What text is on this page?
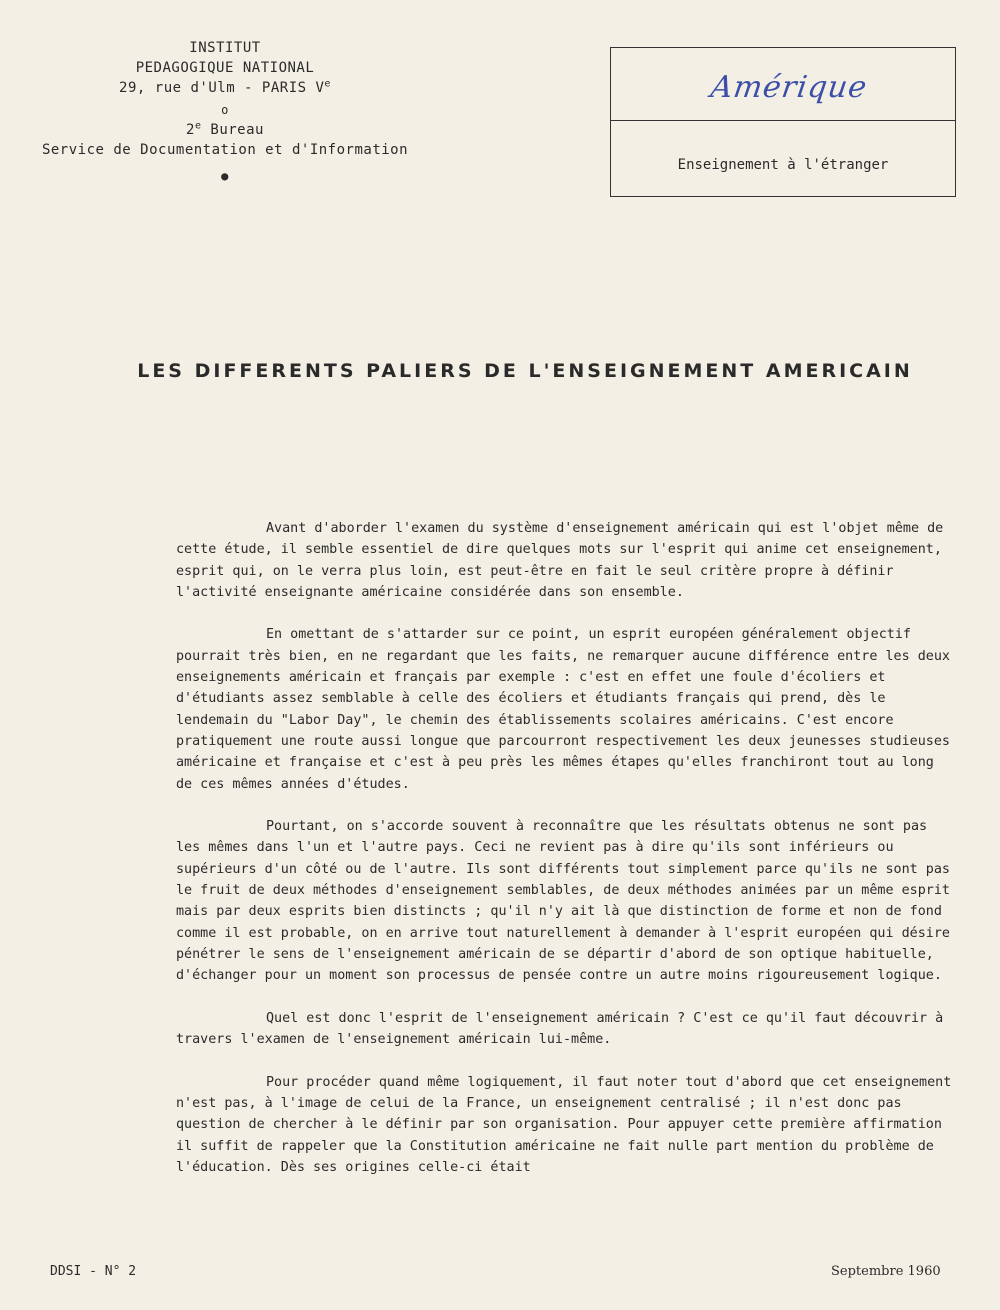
INSTITUT
PEDAGOGIQUE NATIONAL
29, rue d'Ulm - PARIS Ve
o
2e Bureau
Service de Documentation et d'Information
●
Amérique
Enseignement à l'étranger
LES DIFFERENTS PALIERS DE L'ENSEIGNEMENT AMERICAIN

Avant d'aborder l'examen du système d'enseignement américain qui est l'objet même de cette étude, il semble essentiel de dire quelques mots sur l'esprit qui anime cet enseignement, esprit qui, on le verra plus loin, est peut-être en fait le seul critère propre à définir l'activité enseignante américaine considérée dans son ensemble.

En omettant de s'attarder sur ce point, un esprit européen généralement objectif pourrait très bien, en ne regardant que les faits, ne remarquer aucune différence entre les deux enseignements américain et français par exemple : c'est en effet une foule d'écoliers et d'étudiants assez semblable à celle des écoliers et étudiants français qui prend, dès le lendemain du "Labor Day", le chemin des établissements scolaires américains. C'est encore pratiquement une route aussi longue que parcourront respectivement les deux jeunesses studieuses américaine et française et c'est à peu près les mêmes étapes qu'elles franchiront tout au long de ces mêmes années d'études.

Pourtant, on s'accorde souvent à reconnaître que les résultats obtenus ne sont pas les mêmes dans l'un et l'autre pays. Ceci ne revient pas à dire qu'ils sont inférieurs ou supérieurs d'un côté ou de l'autre. Ils sont différents tout simplement parce qu'ils ne sont pas le fruit de deux méthodes d'enseignement semblables, de deux méthodes animées par un même esprit mais par deux esprits bien distincts ; qu'il n'y ait là que distinction de forme et non de fond comme il est probable, on en arrive tout naturellement à demander à l'esprit européen qui désire pénétrer le sens de l'enseignement américain de se départir d'abord de son optique habituelle, d'échanger pour un moment son processus de pensée contre un autre moins rigoureusement logique.

Quel est donc l'esprit de l'enseignement américain ? C'est ce qu'il faut découvrir à travers l'examen de l'enseignement américain lui-même.

Pour procéder quand même logiquement, il faut noter tout d'abord que cet enseignement n'est pas, à l'image de celui de la France, un enseignement centralisé ; il n'est donc pas question de chercher à le définir par son organisation. Pour appuyer cette première affirmation il suffit de rappeler que la Constitution américaine ne fait nulle part mention du problème de l'éducation. Dès ses origines celle-ci était

DDSI - N° 2	Septembre 1960
